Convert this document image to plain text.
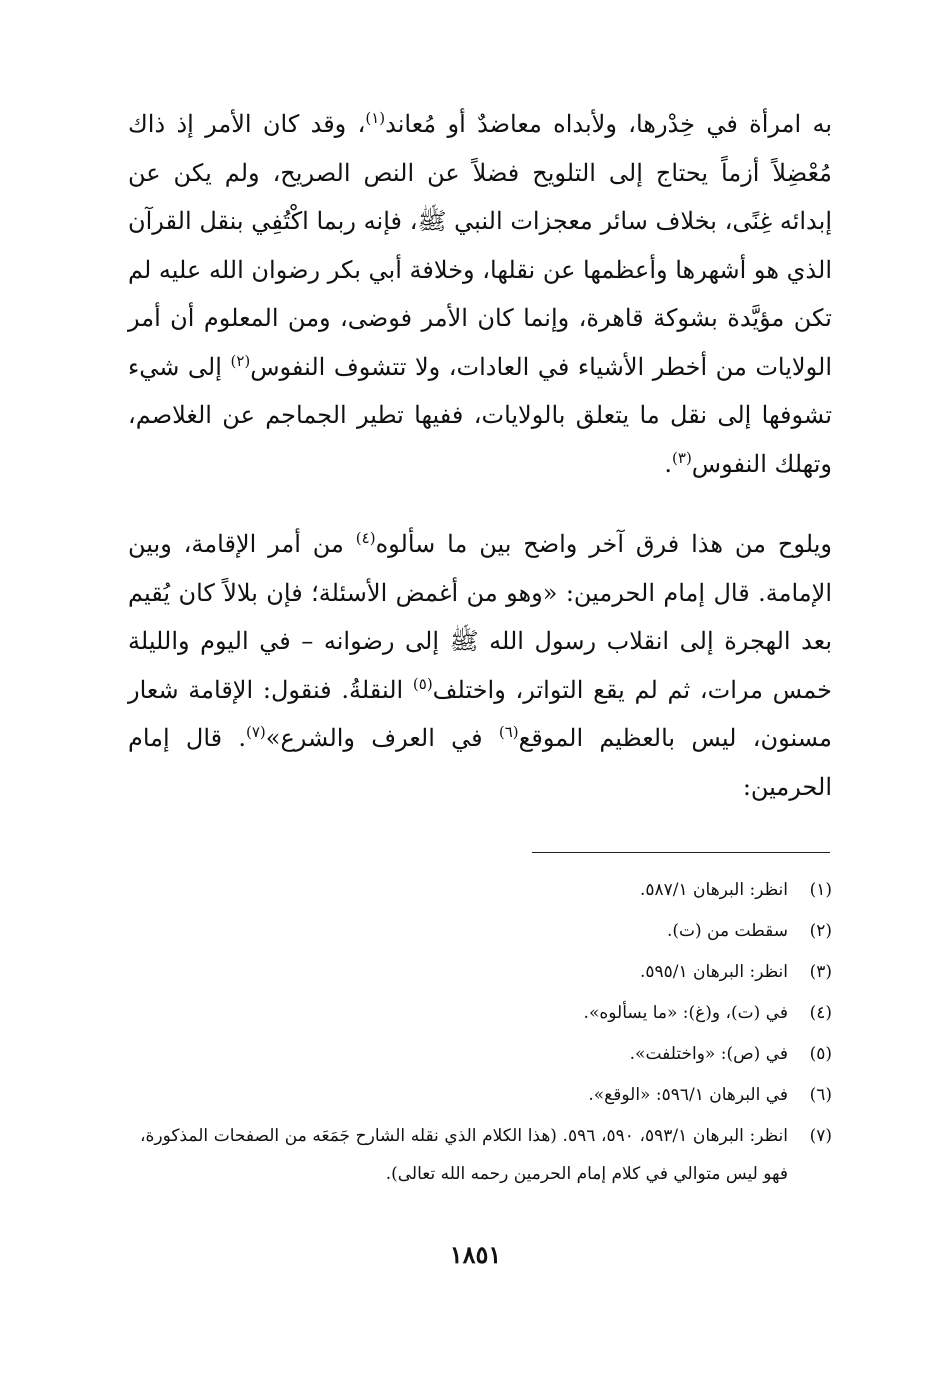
به امرأة في خِدْرها، ولأبداه معاضدٌ أو مُعاند$^{(١)}$، وقد كان الأمر إذ ذاك مُعْضِلاً أزماً يحتاج إلى التلويح فضلاً عن النص الصريح، ولم يكن عن إبدائه غِنًى، بخلاف سائر معجزات النبي ﷺ، فإنه ربما اكْتُفِي بنقل القرآن الذي هو أشهرها وأعظمها عن نقلها، وخلافة أبي بكر رضوان الله عليه لم تكن مؤيَّدة بشوكة قاهرة، وإنما كان الأمر فوضى، ومن المعلوم أن أمر الولايات من أخطر الأشياء في العادات، ولا تتشوف النفوس$^{(٢)}$ إلى شيء تشوفها إلى نقل ما يتعلق بالولايات، ففيها تطير الجماجم عن الغلاصم، وتهلك النفوس$^{(٣)}$.

ويلوح من هذا فرق آخر واضح بين ما سألوه$^{(٤)}$ من أمر الإقامة، وبين الإمامة. قال إمام الحرمين: «وهو من أغمض الأسئلة؛ فإن بلالاً كان يُقيم بعد الهجرة إلى انقلاب رسول الله ﷺ إلى رضوانه – في اليوم والليلة خمس مرات، ثم لم يقع التواتر، واختلف$^{(٥)}$ النقلةُ. فنقول: الإقامة شعار مسنون، ليس بالعظيم الموقع$^{(٦)}$ في العرف والشرع»$^{(٧)}$. قال إمام الحرمين:

(١)
انظر: البرهان ٥٨٧/١.
(٢)
سقطت من (ت).
(٣)
انظر: البرهان ٥٩٥/١.
(٤)
في (ت)، و(غ): «ما يسألوه».
(٥)
في (ص): «واختلفت».
(٦)
في البرهان ٥٩٦/١: «الوقع».
(٧)
انظر: البرهان ٥٩٣/١، ٥٩٠، ٥٩٦. (هذا الكلام الذي نقله الشارح جَمَعَه من الصفحات المذكورة، فهو ليس متوالي في كلام إمام الحرمين رحمه الله تعالى).
١٨٥١
